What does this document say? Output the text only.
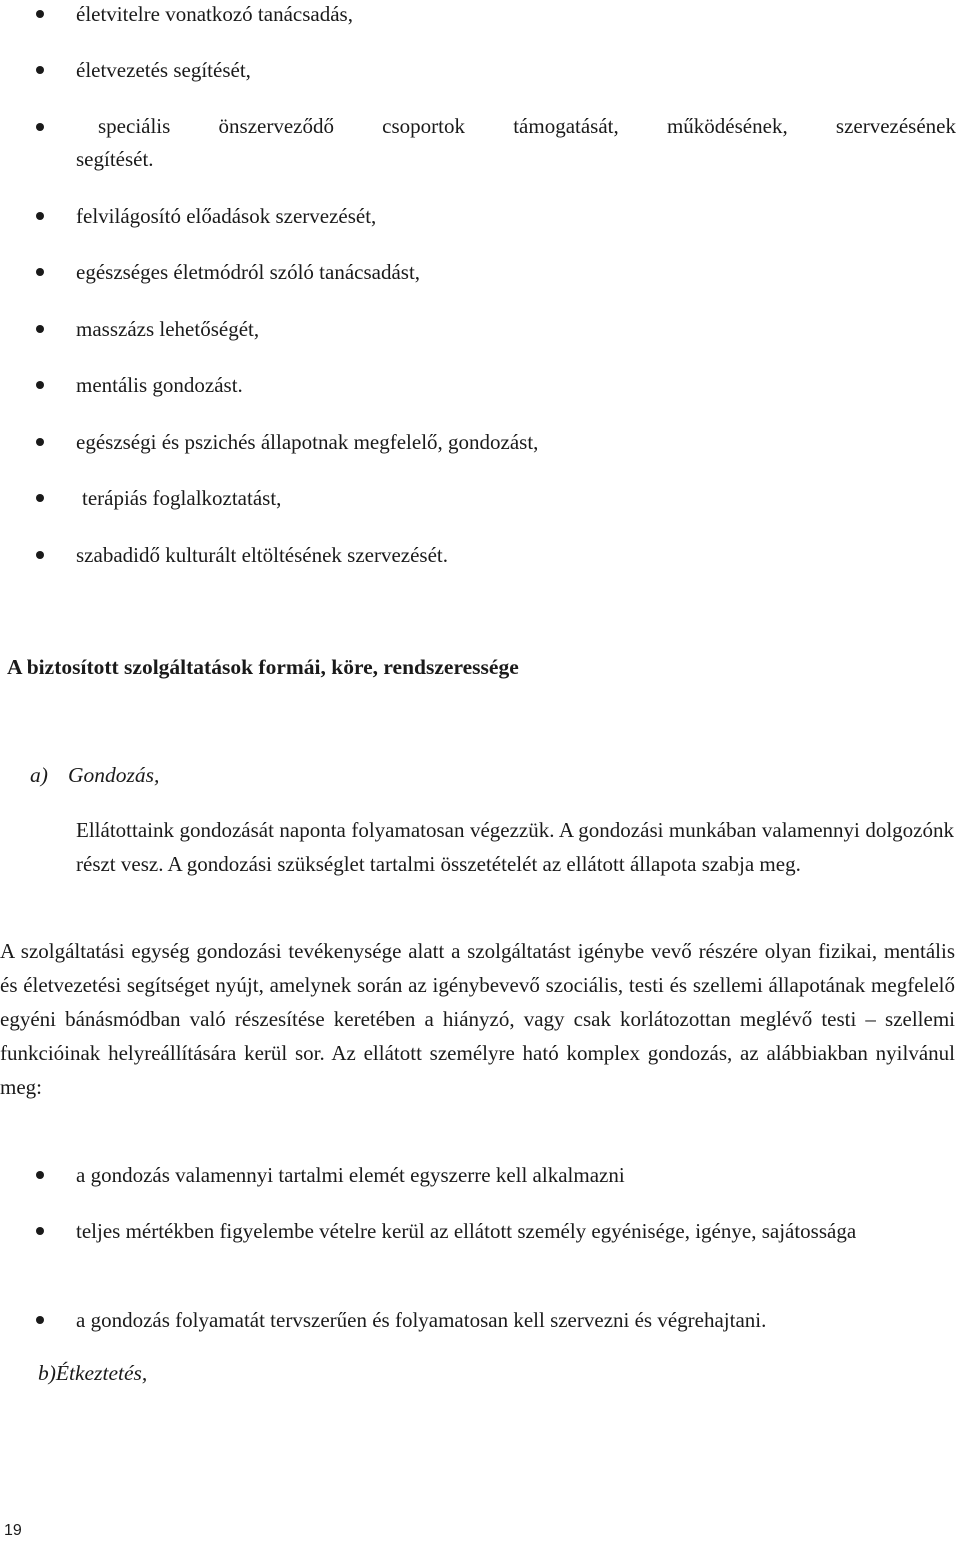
életvitelre vonatkozó tanácsadás,
életvezetés segítését,
speciális önszerveződő csoportok támogatását, működésének, szervezésének
segítését.
felvilágosító előadások szervezését,
egészséges életmódról szóló tanácsadást,
masszázs lehetőségét,
mentális gondozást.
egészségi és pszichés állapotnak megfelelő, gondozást,
terápiás foglalkoztatást,
szabadidő kulturált eltöltésének szervezését.
A biztosított szolgáltatások formái, köre, rendszeressége
a) Gondozás,
Ellátottaink gondozását naponta folyamatosan végezzük. A gondozási munkában valamennyi dolgozónk részt vesz. A gondozási szükséglet tartalmi összetételét az ellátott állapota szabja meg.
A szolgáltatási egység gondozási tevékenysége alatt a szolgáltatást igénybe vevő részére olyan fizikai, mentális és életvezetési segítséget nyújt, amelynek során az igénybevevő szociális, testi és szellemi állapotának megfelelő egyéni bánásmódban való részesítése keretében a hiányzó, vagy csak korlátozottan meglévő testi – szellemi funkcióinak helyreállítására kerül sor. Az ellátott személyre ható komplex gondozás, az alábbiakban nyilvánul meg:
a gondozás valamennyi tartalmi elemét egyszerre kell alkalmazni
teljes mértékben figyelembe vételre kerül az ellátott személy egyénisége, igénye, sajátossága
a gondozás folyamatát tervszerűen és folyamatosan kell szervezni és végrehajtani.
b)Étkeztetés,
19
